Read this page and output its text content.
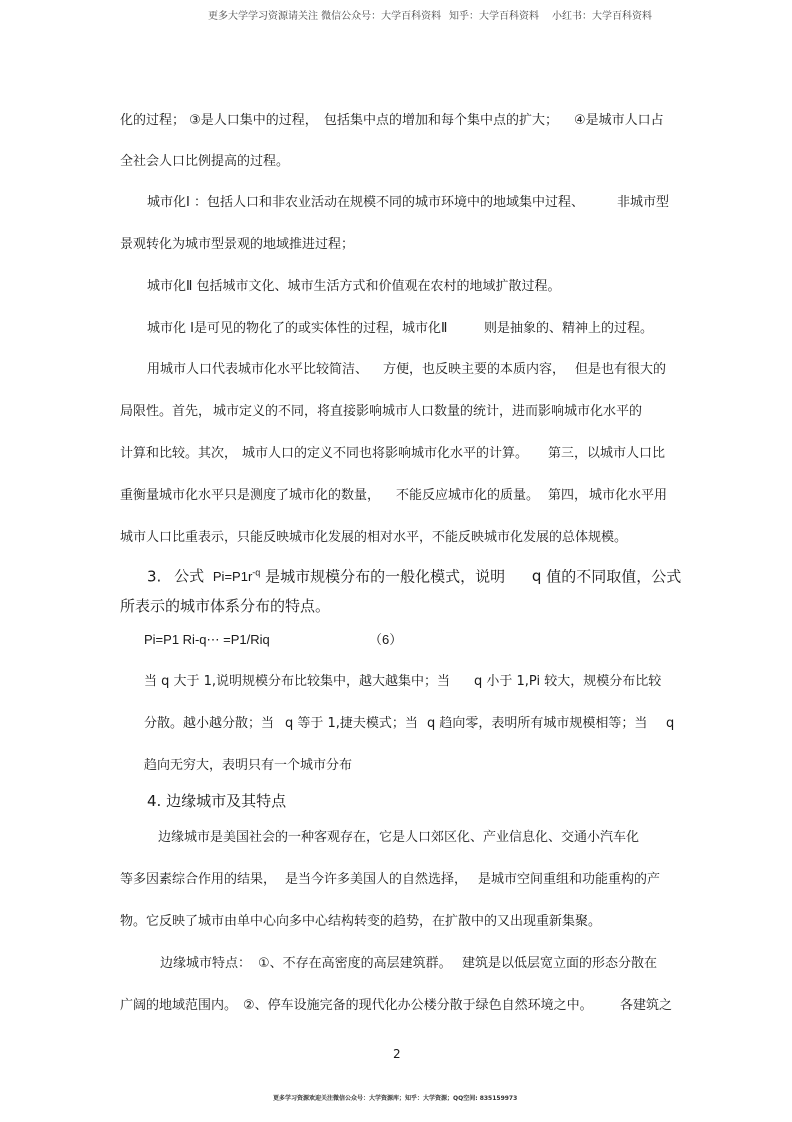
更多大学学习资源请关注 微信公众号：大学百科资料 知乎：大学百科资料 小红书：大学百科资料
化的过程； ③是人口集中的过程， 包括集中点的增加和每个集中点的扩大； ④是城市人口占
全社会人口比例提高的过程。
城市化Ⅰ ：包括人口和非农业活动在规模不同的城市环境中的地域集中过程、	非城市型
景观转化为城市型景观的地域推进过程；
城市化Ⅱ 包括城市文化、城市生活方式和价值观在农村的地域扩散过程。
城市化 Ⅰ是可见的物化了的或实体性的过程，城市化Ⅱ	则是抽象的、精神上的过程。
用城市人口代表城市化水平比较简洁、 方便，也反映主要的本质内容， 但是也有很大的
局限性。首先， 城市定义的不同，将直接影响城市人口数量的统计，进而影响城市化水平的
计算和比较。其次， 城市人口的定义不同也将影响城市化水平的计算。 第三，以城市人口比
重衡量城市化水平只是测度了城市化的数量， 不能反应城市化的质量。 第四， 城市化水平用
城市人口比重表示，只能反映城市化发展的相对水平，不能反映城市化发展的总体规模。
3. 公式 $Pi=P1r^{-q}$ 是城市规模分布的一般化模式，说明 q 值的不同取值，公式
所表示的城市体系分布的特点。
Pi=P1 Ri-q⋯ =P1/Riq	（6）
当 q 大于 1,说明规模分布比较集中，越大越集中；当 q 小于 1,Pi 较大，规模分布比较
分散。越小越分散；当 q 等于 1,捷夫模式；当 q 趋向零，表明所有城市规模相等；当 q
趋向无穷大，表明只有一个城市分布
4. 边缘城市及其特点
边缘城市是美国社会的一种客观存在，它是人口郊区化、产业信息化、交通小汽车化
等多因素综合作用的结果， 是当今许多美国人的自然选择， 是城市空间重组和功能重构的产
物。它反映了城市由单中心向多中心结构转变的趋势，在扩散中的又出现重新集聚。
边缘城市特点： ①、不存在高密度的高层建筑群。 建筑是以低层宽立面的形态分散在
广阔的地域范围内。 ②、停车设施完备的现代化办公楼分散于绿色自然环境之中。 各建筑之
2
更多学习资源欢迎关注微信公众号：大学资源库；知乎：大学资源；QQ空间: 835159973
